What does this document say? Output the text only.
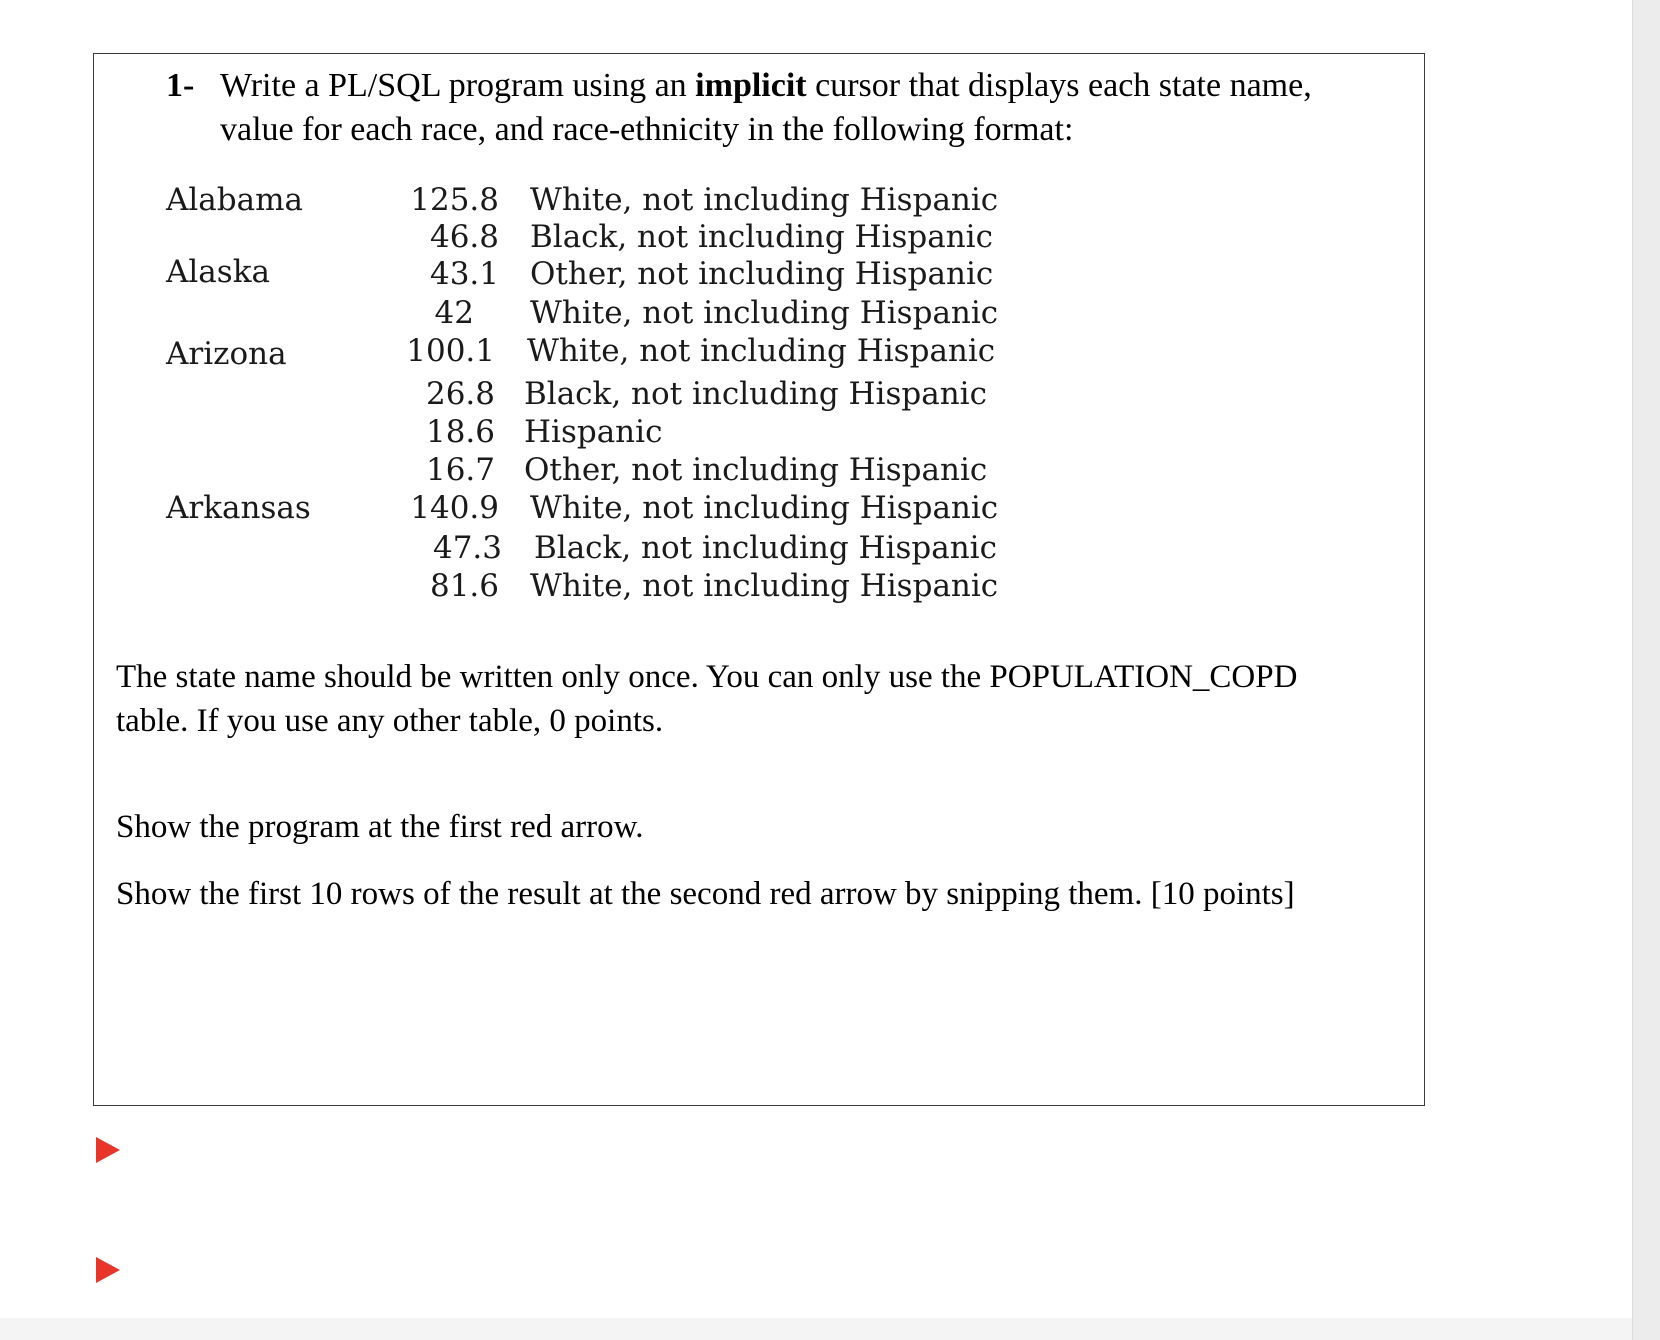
1- Write a PL/SQL program using an implicit cursor that displays each state name,
value for each race, and race-ethnicity in the following format:
Alabama
Alaska
Arizona
Arkansas
125.8 White, not including Hispanic
46.8 Black, not including Hispanic
43.1 Other, not including Hispanic
42 White, not including Hispanic
100.1 White, not including Hispanic
26.8 Black, not including Hispanic
18.6 Hispanic
16.7 Other, not including Hispanic
140.9 White, not including Hispanic
47.3 Black, not including Hispanic
81.6 White, not including Hispanic
The state name should be written only once. You can only use the POPULATION_COPD
table. If you use any other table, 0 points.
Show the program at the first red arrow.
Show the first 10 rows of the result at the second red arrow by snipping them. [10 points]
